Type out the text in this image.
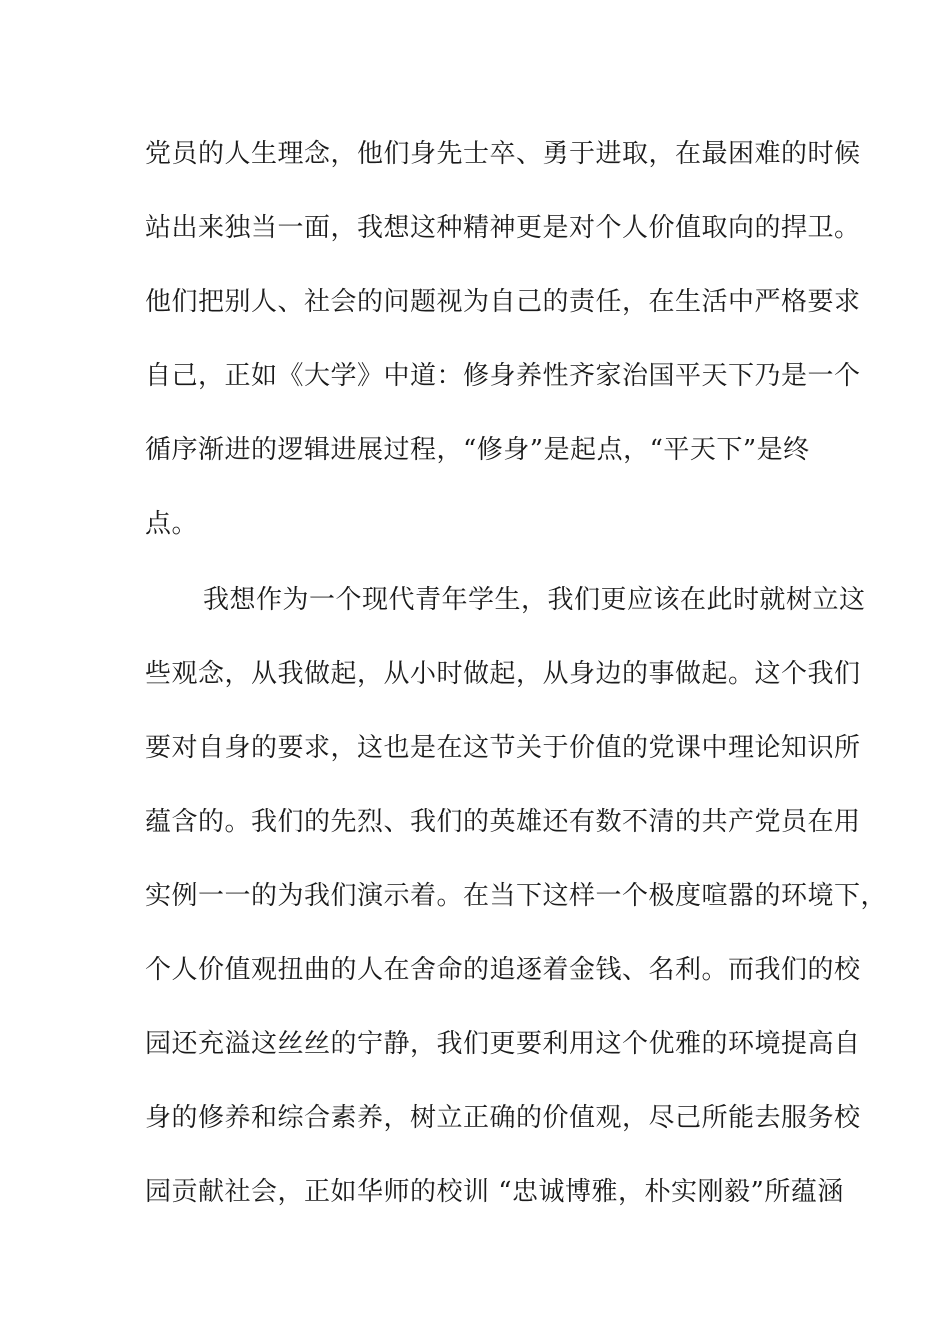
党员的人生理念，他们身先士卒、勇于进取，在最困难的时候
站出来独当一面，我想这种精神更是对个人价值取向的捍卫。
他们把别人、社会的问题视为自己的责任，在生活中严格要求
自己，正如《大学》中道：修身养性齐家治国平天下乃是一个
循序渐进的逻辑进展过程，“修身”是起点，“平天下”是终
点。
我想作为一个现代青年学生，我们更应该在此时就树立这
些观念，从我做起，从小时做起，从身边的事做起。这个我们
要对自身的要求，这也是在这节关于价值的党课中理论知识所
蕴含的。我们的先烈、我们的英雄还有数不清的共产党员在用
实例一一的为我们演示着。在当下这样一个极度喧嚣的环境下，
个人价值观扭曲的人在舍命的追逐着金钱、名利。而我们的校
园还充溢这丝丝的宁静，我们更要利用这个优雅的环境提高自
身的修养和综合素养，树立正确的价值观，尽己所能去服务校
园贡献社会，正如华师的校训 “忠诚博雅，朴实刚毅”所蕴涵
